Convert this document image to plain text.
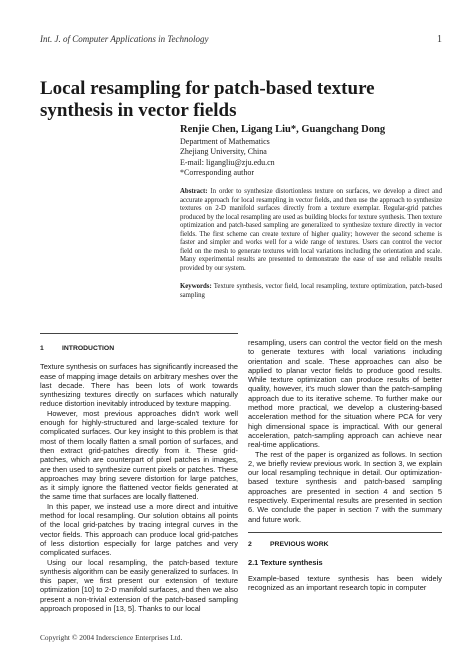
Int. J. of Computer Applications in Technology	1
Local resampling for patch-based texture synthesis in vector fields
Renjie Chen, Ligang Liu*, Guangchang Dong
Department of Mathematics
Zhejiang University, China
E-mail: ligangliu@zju.edu.cn
*Corresponding author

Abstract: In order to synthesize distortionless texture on surfaces, we develop a direct and accurate approach for local resampling in vector fields, and then use the approach to synthesize textures on 2-D manifold surfaces directly from a texture exemplar. Regular-grid patches produced by the local resampling are used as building blocks for texture synthesis. Then texture optimization and patch-based sampling are generalized to synthesize texture directly in vector fields. The first scheme can create texture of higher quality; however the second scheme is faster and simpler and works well for a wide range of textures. Users can control the vector field on the mesh to generate textures with local variations including the orientation and scale. Many experimental results are presented to demonstrate the ease of use and reliable results provided by our system.

Keywords: Texture synthesis, vector field, local resampling, texture optimization, patch-based sampling

1	INTRODUCTION

Texture synthesis on surfaces has significantly increased the ease of mapping image details on arbitrary meshes over the last decade. There has been lots of work towards synthesizing textures directly on surfaces which naturally reduce distortion inevitably introduced by texture mapping.

However, most previous approaches didn't work well enough for highly-structured and large-scaled texture for complicated surfaces. Our key insight to this problem is that most of them locally flatten a small portion of surfaces, and then extract grid-patches directly from it. These grid-patches, which are counterpart of pixel patches in images, are then used to synthesize current pixels or patches. These approaches may bring severe distortion for large patches, as it simply ignore the flattened vector fields generated at the same time that surfaces are locally flattened.

In this paper, we instead use a more direct and intuitive method for local resampling. Our solution obtains all points of the local grid-patches by tracing integral curves in the vector fields. This approach can produce local grid-patches of less distortion especially for large patches and very complicated surfaces.

Using our local resampling, the patch-based texture synthesis algorithm can be easily generalized to surfaces. In this paper, we first present our extension of texture optimization [10] to 2-D manifold surfaces, and then we also present a non-trivial extension of the patch-based sampling approach proposed in [13, 5]. Thanks to our local

resampling, users can control the vector field on the mesh to generate textures with local variations including orientation and scale. These approaches can also be applied to planar vector fields to produce good results. While texture optimization can produce results of better quality, however, it's much slower than the patch-sampling approach due to its iterative scheme. To further make our method more practical, we develop a clustering-based acceleration method for the situation where PCA for very high dimensional space is impractical. With our general acceleration, patch-sampling approach can achieve near real-time applications.

The rest of the paper is organized as follows. In section 2, we briefly review previous work. In section 3, we explain our local resampling technique in detail. Our optimization-based texture synthesis and patch-based sampling approaches are presented in section 4 and section 5 respectively. Experimental results are presented in section 6. We conclude the paper in section 7 with the summary and future work.

2	PREVIOUS WORK
2.1 Texture synthesis

Example-based texture synthesis has been widely recognized as an important research topic in computer

Copyright © 2004 Inderscience Enterprises Ltd.
